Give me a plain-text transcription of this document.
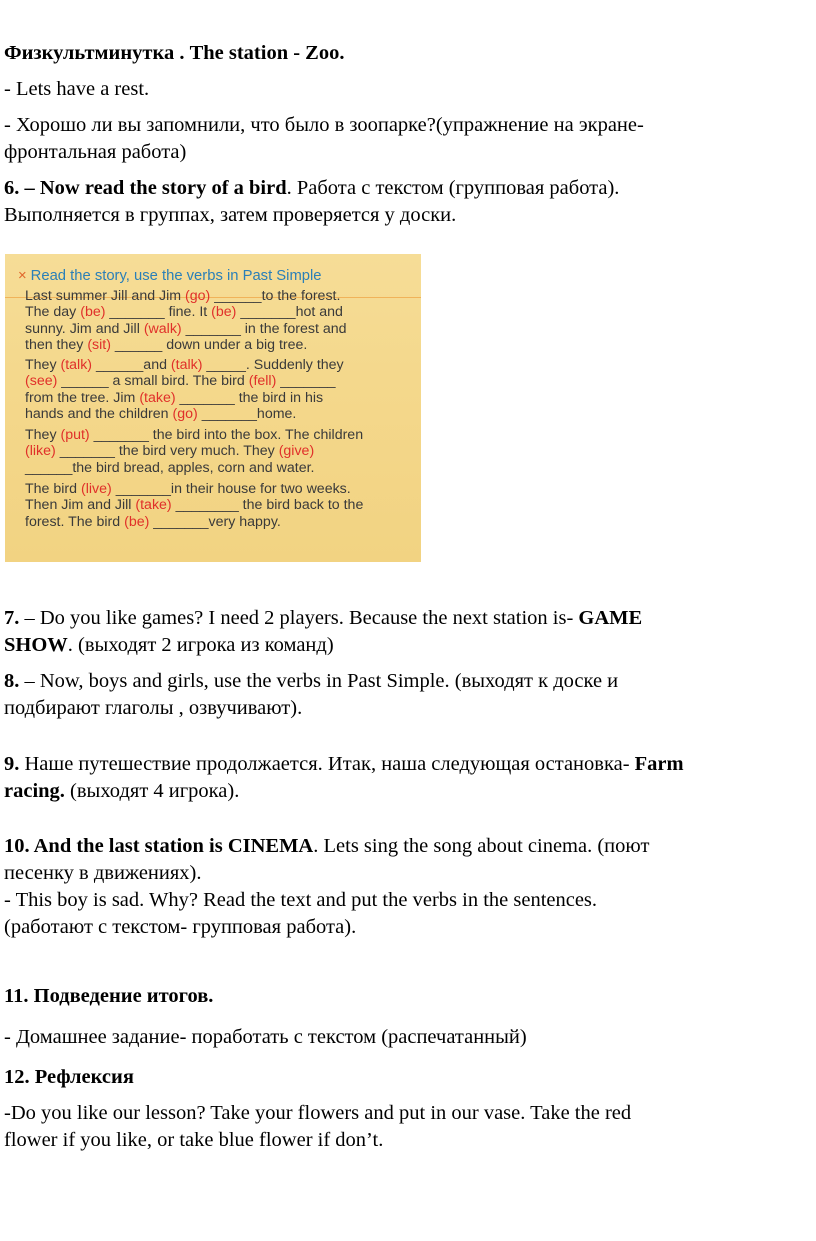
Физкультминутка . The station - Zoo.

- Lets have a rest.

- Хорошо ли вы запомнили, что было в зоопарке?(упражнение на экране-

фронтальная работа)

6. – Now read the story of a bird. Работа с текстом (групповая работа).

Выполняется в группах, затем проверяется у доски.

7. – Do you like games? I need 2 players. Because the next station is- GAME

SHOW. (выходят 2 игрока из команд)

8. – Now, boys and girls, use the verbs in Past Simple. (выходят к доске и

подбирают глаголы , озвучивают).

9. Наше путешествие продолжается. Итак, наша следующая остановка- Farm

racing. (выходят 4 игрока).

10. And the last station is CINEMA. Lets sing the song about cinema. (поют

песенку в движениях).

- This boy is sad. Why? Read the text and put the verbs in the sentences.

(работают с текстом- групповая работа).

11. Подведение итогов.

- Домашнее задание- поработать с текстом (распечатанный)

12. Рефлексия

-Do you like our lesson? Take your flowers and put in our vase. Take the red

flower if you like, or take blue flower if don’t.

× Read the story, use the verbs in Past Simple
Last summer Jill and Jim (go) ______to the forest.
The day (be) _______ fine. It (be) _______hot and
sunny. Jim and Jill (walk) _______ in the forest and
then they (sit) ______ down under a big tree.
They (talk) ______and (talk) _____. Suddenly they
(see) ______ a small bird. The bird (fell) _______
from the tree. Jim (take) _______ the bird in his
hands and the children (go) _______home.
They (put) _______ the bird into the box. The children
(like) _______ the bird very much. They (give)
______the bird bread, apples, corn and water.
The bird (live) _______in their house for two weeks.
Then Jim and Jill (take) ________ the bird back to the
forest. The bird (be) _______very happy.
